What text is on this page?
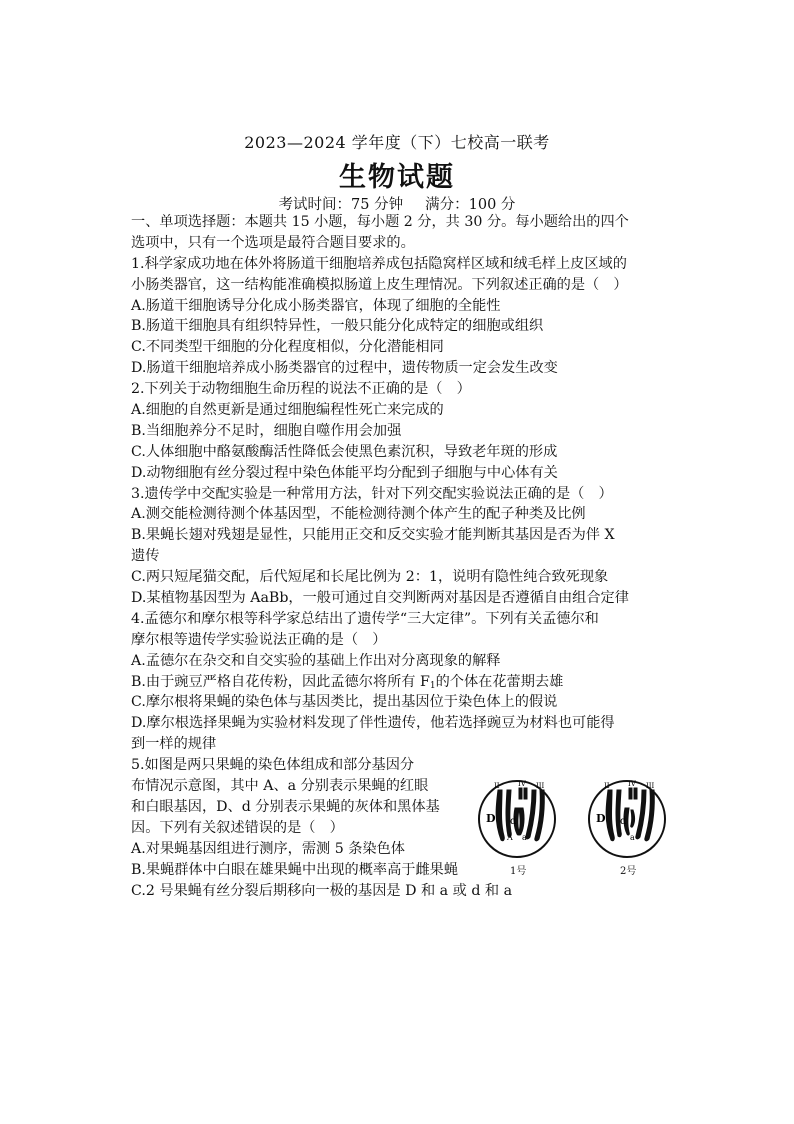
2023—2024 学年度（下）七校高一联考
生物试题
考试时间：75 分钟 满分：100 分
一、单项选择题：本题共 15 小题，每小题 2 分，共 30 分。每小题给出的四个
选项中，只有一个选项是最符合题目要求的。
1.科学家成功地在体外将肠道干细胞培养成包括隐窝样区域和绒毛样上皮区域的
小肠类器官，这一结构能准确模拟肠道上皮生理情况。下列叙述正确的是（　）
A.肠道干细胞诱导分化成小肠类器官，体现了细胞的全能性
B.肠道干细胞具有组织特异性，一般只能分化成特定的细胞或组织
C.不同类型干细胞的分化程度相似，分化潜能相同
D.肠道干细胞培养成小肠类器官的过程中，遗传物质一定会发生改变
2.下列关于动物细胞生命历程的说法不正确的是（　）
A.细胞的自然更新是通过细胞编程性死亡来完成的
B.当细胞养分不足时，细胞自噬作用会加强
C.人体细胞中酪氨酸酶活性降低会使黑色素沉积，导致老年斑的形成
D.动物细胞有丝分裂过程中染色体能平均分配到子细胞与中心体有关
3.遗传学中交配实验是一种常用方法，针对下列交配实验说法正确的是（　）
A.测交能检测待测个体基因型，不能检测待测个体产生的配子种类及比例
B.果蝇长翅对残翅是显性，只能用正交和反交实验才能判断其基因是否为伴 X
遗传
C.两只短尾猫交配，后代短尾和长尾比例为 2：1，说明有隐性纯合致死现象
D.某植物基因型为 AaBb，一般可通过自交判断两对基因是否遵循自由组合定律
4.孟德尔和摩尔根等科学家总结出了遗传学“三大定律”。下列有关孟德尔和
摩尔根等遗传学实验说法正确的是（　）
A.孟德尔在杂交和自交实验的基础上作出对分离现象的解释
B.由于豌豆严格自花传粉，因此孟德尔将所有 $F_1$的个体在花蕾期去雄
C.摩尔根将果蝇的染色体与基因类比，提出基因位于染色体上的假说
D.摩尔根选择果蝇为实验材料发现了伴性遗传，他若选择豌豆为材料也可能得
到一样的规律
5.如图是两只果蝇的染色体组成和部分基因分
布情况示意图，其中 A、a 分别表示果蝇的红眼
和白眼基因，D、d 分别表示果蝇的灰体和黑体基
因。下列有关叙述错误的是（　）
A.对果蝇基因组进行测序，需测 5 条染色体
B.果蝇群体中白眼在雄果蝇中出现的概率高于雌果蝇
C.2 号果蝇有丝分裂后期移向一极的基因是 D 和 a 或 d 和 a
II	IV III
D d
A a
II	IV III
D d
a
1号	2号
